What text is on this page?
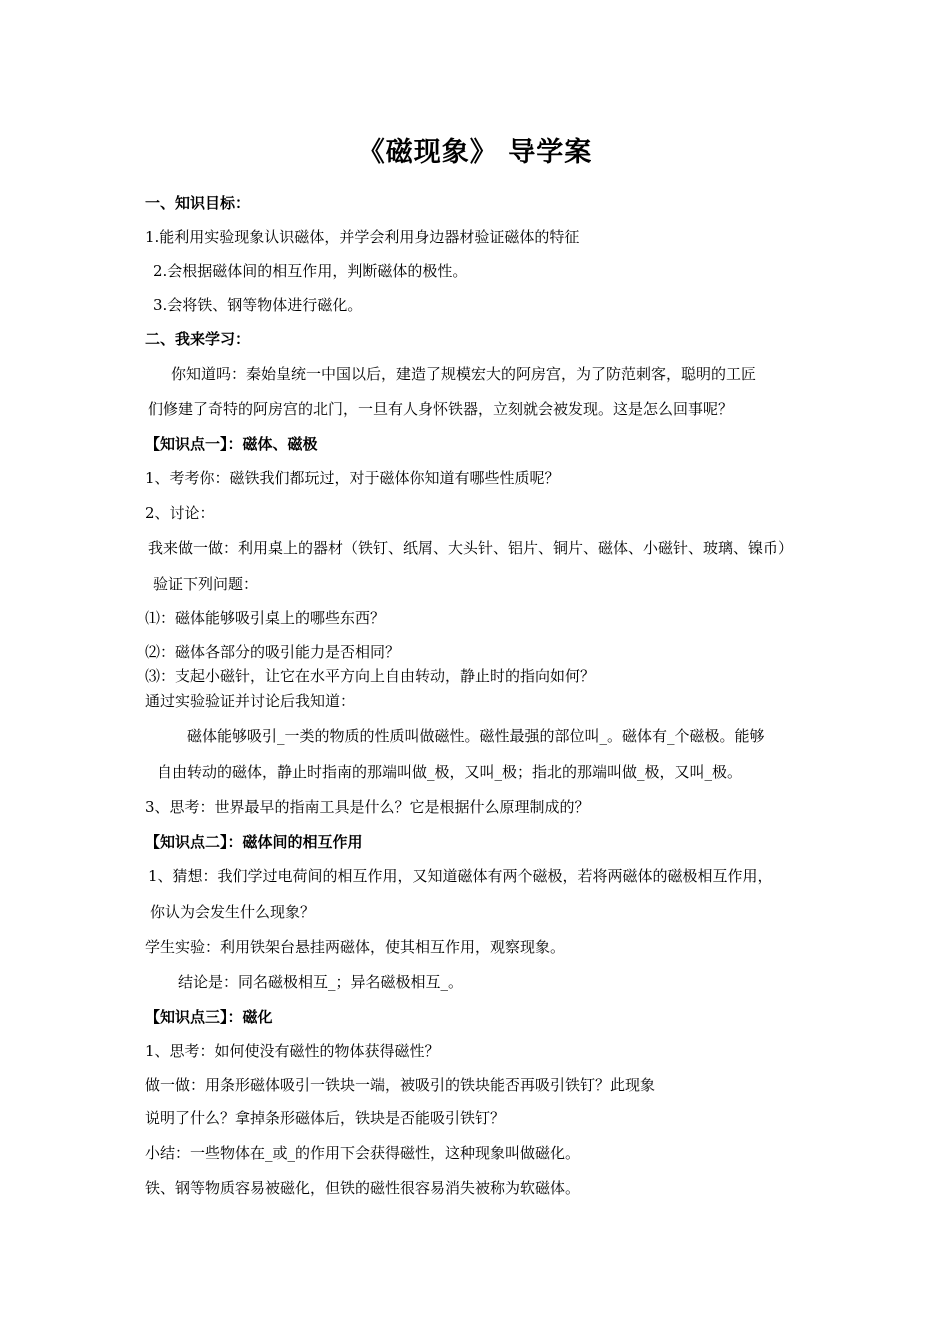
《磁现象》 导学案
一、知识目标：
1.能利用实验现象认识磁体，并学会利用身边器材验证磁体的特征
2.会根据磁体间的相互作用，判断磁体的极性。
3.会将铁、钢等物体进行磁化。
二、我来学习：
你知道吗：秦始皇统一中国以后，建造了规模宏大的阿房宫，为了防范刺客，聪明的工匠
们修建了奇特的阿房宫的北门，一旦有人身怀铁器，立刻就会被发现。这是怎么回事呢？
【知识点一】：磁体、磁极
1、考考你：磁铁我们都玩过，对于磁体你知道有哪些性质呢？
2、讨论：
我来做一做：利用桌上的器材（铁钉、纸屑、大头针、铝片、铜片、磁体、小磁针、玻璃、镍币）
验证下列问题：
⑴：磁体能够吸引桌上的哪些东西？
⑵：磁体各部分的吸引能力是否相同？
⑶：支起小磁针，让它在水平方向上自由转动，静止时的指向如何？
通过实验验证并讨论后我知道：
磁体能够吸引_一类的物质的性质叫做磁性。磁性最强的部位叫_。磁体有_个磁极。能够
自由转动的磁体，静止时指南的那端叫做_极，又叫_极；指北的那端叫做_极，又叫_极。
3、思考：世界最早的指南工具是什么？它是根据什么原理制成的？
【知识点二】：磁体间的相互作用
1、猜想：我们学过电荷间的相互作用，又知道磁体有两个磁极，若将两磁体的磁极相互作用，
你认为会发生什么现象？
学生实验：利用铁架台悬挂两磁体，使其相互作用，观察现象。
结论是：同名磁极相互_；异名磁极相互_。
【知识点三】：磁化
1、思考：如何使没有磁性的物体获得磁性？
做一做：用条形磁体吸引一铁块一端，被吸引的铁块能否再吸引铁钉？此现象
说明了什么？拿掉条形磁体后，铁块是否能吸引铁钉？
小结：一些物体在_或_的作用下会获得磁性，这种现象叫做磁化。
铁、钢等物质容易被磁化，但铁的磁性很容易消失被称为软磁体。
